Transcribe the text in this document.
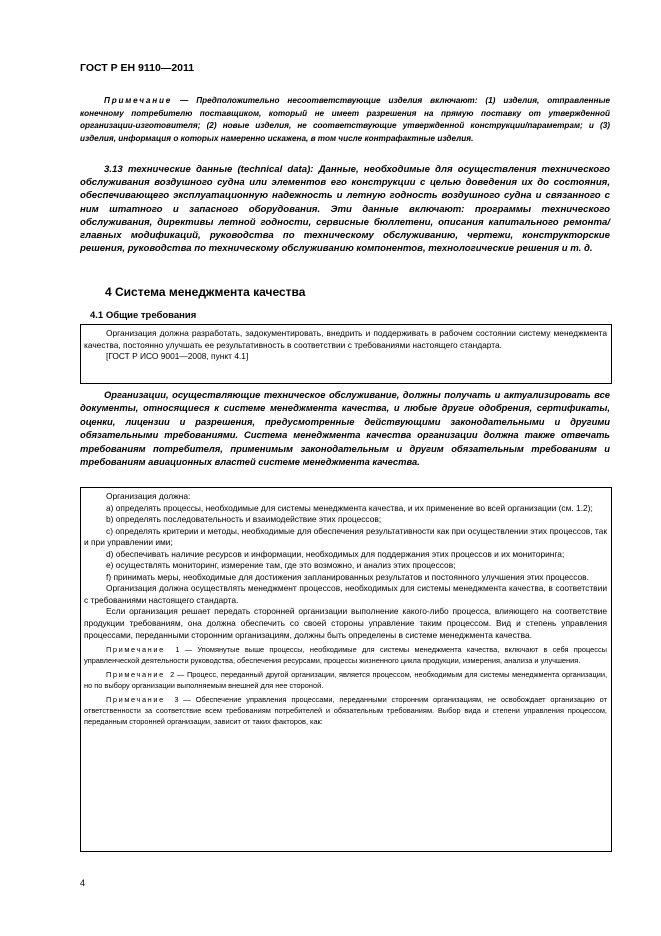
ГОСТ Р ЕН 9110—2011

Примечание — Предположительно несоответствующие изделия включают: (1) изделия, отправленные конечному потребителю поставщиком, который не имеет разрешения на прямую поставку от утвержденной организации-изготовителя; (2) новые изделия, не соответствующие утвержденной конструкции/параметрам; и (3) изделия, информация о которых намеренно искажена, в том числе контрафактные изделия.

3.13 технические данные (technical data): Данные, необходимые для осуществления технического обслуживания воздушного судна или элементов его конструкции с целью доведения их до состояния, обеспечивающего эксплуатационную надежность и летную годность воздушного судна и связанного с ним штатного и запасного оборудования. Эти данные включают: программы технического обслуживания, директивы летной годности, сервисные бюллетени, описания капитального ремонта/главных модификаций, руководства по техническому обслуживанию, чертежи, конструкторские решения, руководства по техническому обслуживанию компонентов, технологические решения и т. д.

4 Система менеджмента качества
4.1 Общие требования

Организация должна разработать, задокументировать, внедрить и поддерживать в рабочем состоянии систему менеджмента качества, постоянно улучшать ее результативность в соответствии с требованиями настоящего стандарта.

[ГОСТ Р ИСО 9001—2008, пункт 4.1]

Организации, осуществляющие техническое обслуживание, должны получать и актуализировать все документы, относящиеся к системе менеджмента качества, и любые другие одобрения, сертификаты, оценки, лицензии и разрешения, предусмотренные действующими законодательными и другими обязательными требованиями. Система менеджмента качества организации должна также отвечать требованиям потребителя, применимым законодательным и другим обязательным требованиям и требованиям авиационных властей системе менеджмента качества.

Организация должна:

a) определять процессы, необходимые для системы менеджмента качества, и их применение во всей организации (см. 1.2);

b) определять последовательность и взаимодействие этих процессов;

c) определять критерии и методы, необходимые для обеспечения результативности как при осуществлении этих процессов, так и при управлении ими;

d) обеспечивать наличие ресурсов и информации, необходимых для поддержания этих процессов и их мониторинга;

e) осуществлять мониторинг, измерение там, где это возможно, и анализ этих процессов;

f) принимать меры, необходимые для достижения запланированных результатов и постоянного улучшения этих процессов.

Организация должна осуществлять менеджмент процессов, необходимых для системы менеджмента качества, в соответствии с требованиями настоящего стандарта.

Если организация решает передать сторонней организации выполнение какого-либо процесса, влияющего на соответствие продукции требованиям, она должна обеспечить со своей стороны управление таким процессом. Вид и степень управления процессами, переданными сторонним организациям, должны быть определены в системе менеджмента качества.

Примечание 1 — Упомянутые выше процессы, необходимые для системы менеджмента качества, включают в себя процессы управленческой деятельности руководства, обеспечения ресурсами, процессы жизненного цикла продукции, измерения, анализа и улучшения.

Примечание 2 — Процесс, переданный другой организации, является процессом, необходимым для системы менеджмента организации, но по выбору организации выполняемым внешней для нее стороной.

Примечание 3 — Обеспечение управления процессами, переданными сторонним организациям, не освобождает организацию от ответственности за соответствие всем требованиям потребителей и обязательным требованиям. Выбор вида и степени управления процессом, переданным сторонней организации, зависит от таких факторов, как:

4
